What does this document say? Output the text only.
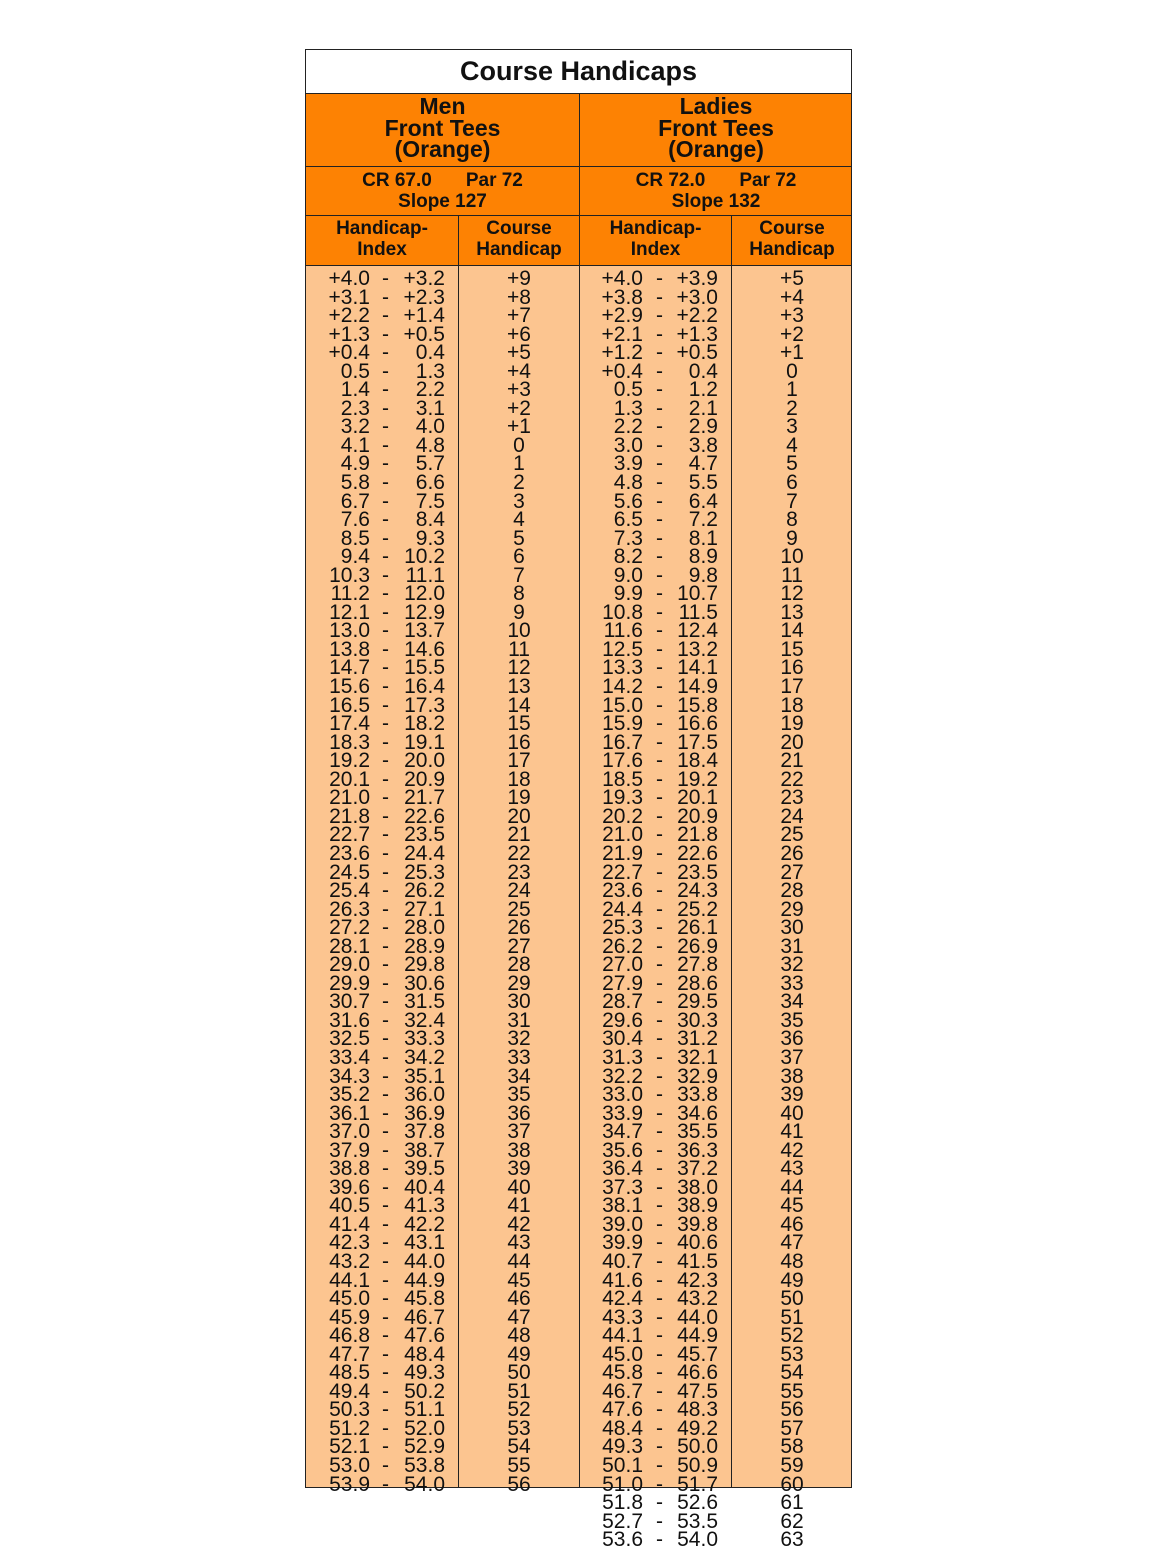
Course Handicaps
Men
Front Tees
(Orange)
Ladies
Front Tees
(Orange)
CR 67.0 Par 72
Slope 127
CR 72.0 Par 72
Slope 132
Handicap-
Index
Course
Handicap
Handicap-
Index
Course
Handicap
+4.0 - +3.2
+3.1 - +2.3
+2.2 - +1.4
+1.3 - +0.5
+0.4 - 0.4
0.5 - 1.3
1.4 - 2.2
2.3 - 3.1
3.2 - 4.0
4.1 - 4.8
4.9 - 5.7
5.8 - 6.6
6.7 - 7.5
7.6 - 8.4
8.5 - 9.3
9.4 - 10.2
10.3 - 11.1
11.2 - 12.0
12.1 - 12.9
13.0 - 13.7
13.8 - 14.6
14.7 - 15.5
15.6 - 16.4
16.5 - 17.3
17.4 - 18.2
18.3 - 19.1
19.2 - 20.0
20.1 - 20.9
21.0 - 21.7
21.8 - 22.6
22.7 - 23.5
23.6 - 24.4
24.5 - 25.3
25.4 - 26.2
26.3 - 27.1
27.2 - 28.0
28.1 - 28.9
29.0 - 29.8
29.9 - 30.6
30.7 - 31.5
31.6 - 32.4
32.5 - 33.3
33.4 - 34.2
34.3 - 35.1
35.2 - 36.0
36.1 - 36.9
37.0 - 37.8
37.9 - 38.7
38.8 - 39.5
39.6 - 40.4
40.5 - 41.3
41.4 - 42.2
42.3 - 43.1
43.2 - 44.0
44.1 - 44.9
45.0 - 45.8
45.9 - 46.7
46.8 - 47.6
47.7 - 48.4
48.5 - 49.3
49.4 - 50.2
50.3 - 51.1
51.2 - 52.0
52.1 - 52.9
53.0 - 53.8
53.9 - 54.0
+9
+8
+7
+6
+5
+4
+3
+2
+1
0
1
2
3
4
5
6
7
8
9
10
11
12
13
14
15
16
17
18
19
20
21
22
23
24
25
26
27
28
29
30
31
32
33
34
35
36
37
38
39
40
41
42
43
44
45
46
47
48
49
50
51
52
53
54
55
56
+4.0 - +3.9
+3.8 - +3.0
+2.9 - +2.2
+2.1 - +1.3
+1.2 - +0.5
+0.4 - 0.4
0.5 - 1.2
1.3 - 2.1
2.2 - 2.9
3.0 - 3.8
3.9 - 4.7
4.8 - 5.5
5.6 - 6.4
6.5 - 7.2
7.3 - 8.1
8.2 - 8.9
9.0 - 9.8
9.9 - 10.7
10.8 - 11.5
11.6 - 12.4
12.5 - 13.2
13.3 - 14.1
14.2 - 14.9
15.0 - 15.8
15.9 - 16.6
16.7 - 17.5
17.6 - 18.4
18.5 - 19.2
19.3 - 20.1
20.2 - 20.9
21.0 - 21.8
21.9 - 22.6
22.7 - 23.5
23.6 - 24.3
24.4 - 25.2
25.3 - 26.1
26.2 - 26.9
27.0 - 27.8
27.9 - 28.6
28.7 - 29.5
29.6 - 30.3
30.4 - 31.2
31.3 - 32.1
32.2 - 32.9
33.0 - 33.8
33.9 - 34.6
34.7 - 35.5
35.6 - 36.3
36.4 - 37.2
37.3 - 38.0
38.1 - 38.9
39.0 - 39.8
39.9 - 40.6
40.7 - 41.5
41.6 - 42.3
42.4 - 43.2
43.3 - 44.0
44.1 - 44.9
45.0 - 45.7
45.8 - 46.6
46.7 - 47.5
47.6 - 48.3
48.4 - 49.2
49.3 - 50.0
50.1 - 50.9
51.0 - 51.7
51.8 - 52.6
52.7 - 53.5
53.6 - 54.0
+5
+4
+3
+2
+1
0
1
2
3
4
5
6
7
8
9
10
11
12
13
14
15
16
17
18
19
20
21
22
23
24
25
26
27
28
29
30
31
32
33
34
35
36
37
38
39
40
41
42
43
44
45
46
47
48
49
50
51
52
53
54
55
56
57
58
59
60
61
62
63
